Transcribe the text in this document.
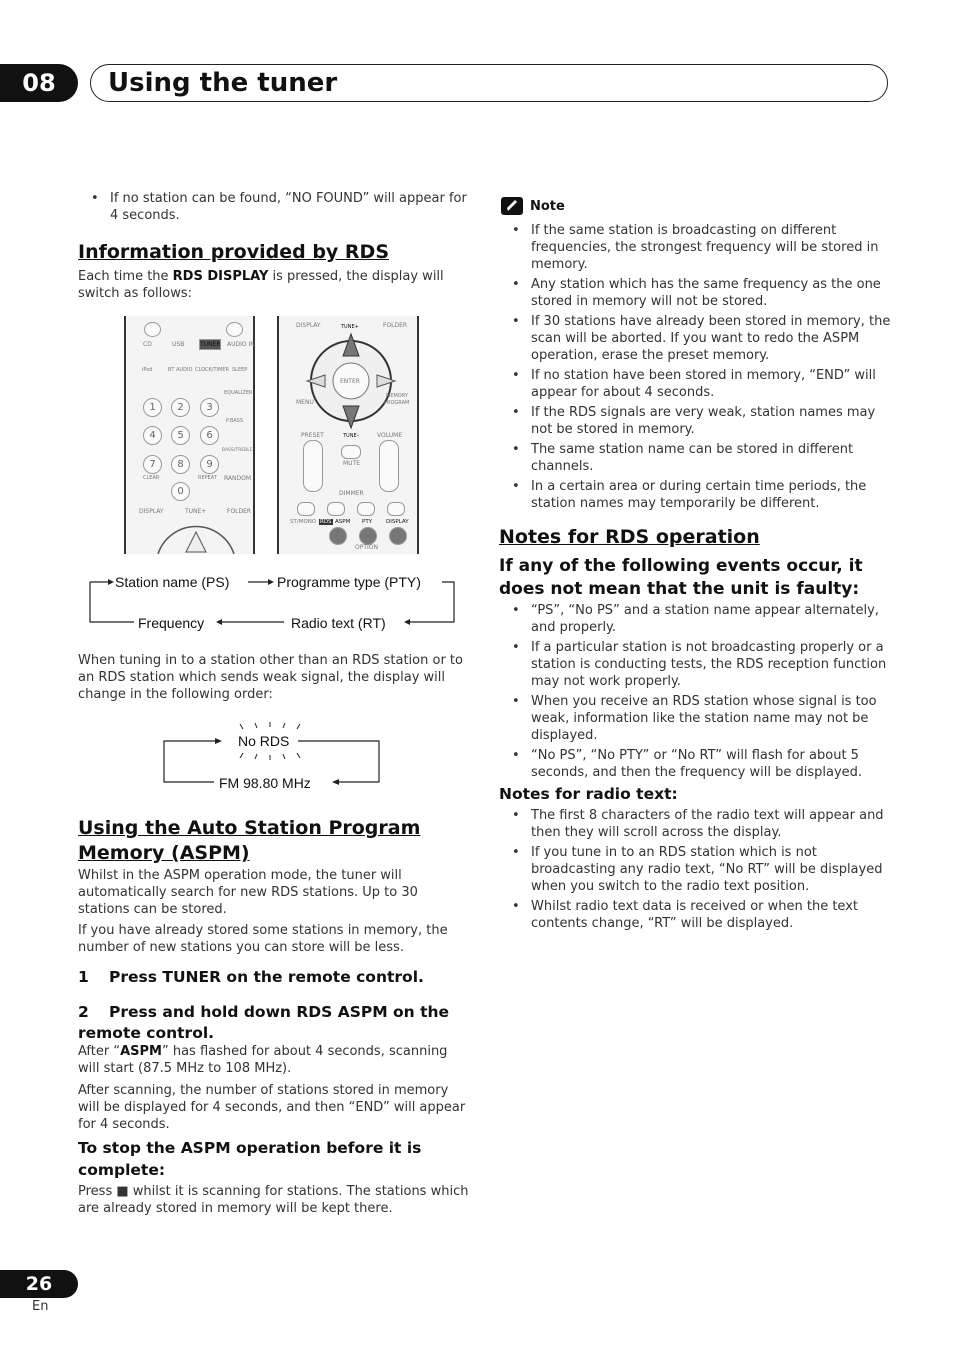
08	Using the tuner
• If no station can be found, “NO FOUND” will appear for 4 seconds.
Information provided by RDS
Each time the RDS DISPLAY is pressed, the display will switch as follows:
CD	USB	TUNER AUDIO IN
iPod	BT AUDIO CLOCK/TIMER SLEEP
EQUALIZER
1	2	3
P.BASS
4	5	6
BASS/TREBLE
7	8	9
CLEAR	REPEAT RANDOM
0
DISPLAY	TUNE+	FOLDER
DISPLAY	TUNE+	FOLDER
ENTER
MENU
MEMORY
PROGRAM
PRESET	TUNE–	VOLUME
MUTE
DIMMER
ST/MONO RDS ASPM PTY	DISPLAY
OPTION
Station name (PS)	Programme type (PTY)
Frequency	Radio text (RT)
When tuning in to a station other than an RDS station or to an RDS station which sends weak signal, the display will change in the following order:
No RDS
FM 98.80 MHz
Using the Auto Station Program
Memory (ASPM)
Whilst in the ASPM operation mode, the tuner will automatically search for new RDS stations. Up to 30 stations can be stored.
If you have already stored some stations in memory, the number of new stations you can store will be less.
1	Press TUNER on the remote control.
2 Press and hold down RDS ASPM on the remote control.
After “ASPM” has flashed for about 4 seconds, scanning will start (87.5 MHz to 108 MHz).
After scanning, the number of stations stored in memory will be displayed for 4 seconds, and then “END” will appear for 4 seconds.
To stop the ASPM operation before it is complete:
Press ■ whilst it is scanning for stations. The stations which are already stored in memory will be kept there.
Note
• If the same station is broadcasting on different frequencies, the strongest frequency will be stored in memory.
• Any station which has the same frequency as the one stored in memory will not be stored.
• If 30 stations have already been stored in memory, the scan will be aborted. If you want to redo the ASPM operation, erase the preset memory.
• If no station have been stored in memory, “END” will appear for about 4 seconds.
• If the RDS signals are very weak, station names may not be stored in memory.
• The same station name can be stored in different channels.
• In a certain area or during certain time periods, the station names may temporarily be different.
Notes for RDS operation
If any of the following events occur, it does not mean that the unit is faulty:
• “PS”, “No PS” and a station name appear alternately, and properly.
• If a particular station is not broadcasting properly or a station is conducting tests, the RDS reception function may not work properly.
• When you receive an RDS station whose signal is too weak, information like the station name may not be displayed.
• “No PS”, “No PTY” or “No RT” will flash for about 5 seconds, and then the frequency will be displayed.
Notes for radio text:
• The first 8 characters of the radio text will appear and then they will scroll across the display.
• If you tune in to an RDS station which is not broadcasting any radio text, “No RT” will be displayed when you switch to the radio text position.
• Whilst radio text data is received or when the text contents change, “RT” will be displayed.
26
En
